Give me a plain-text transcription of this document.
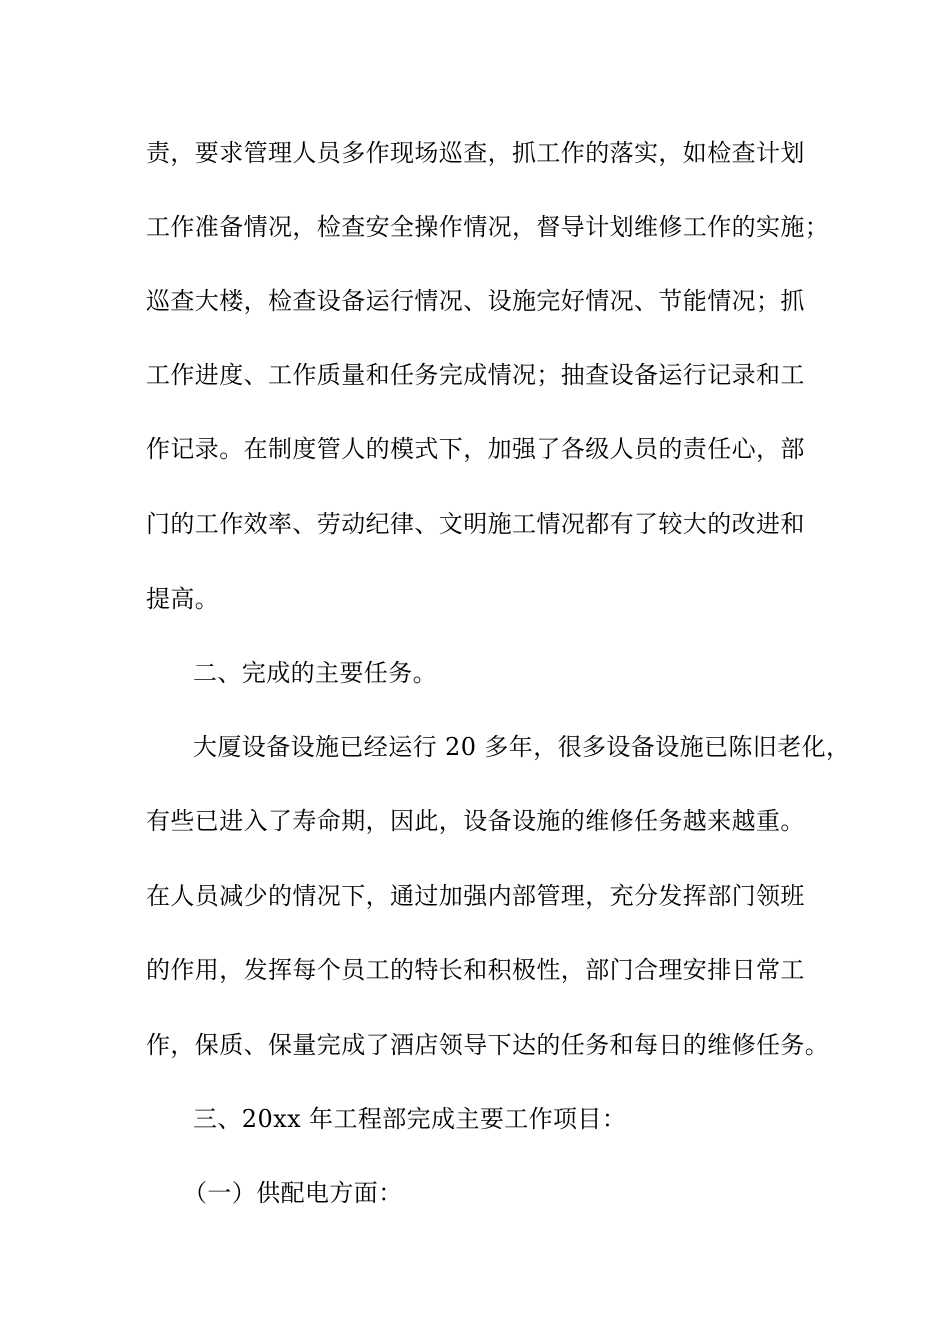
责，要求管理人员多作现场巡查，抓工作的落实，如检查计划
工作准备情况，检查安全操作情况，督导计划维修工作的实施；
巡查大楼，检查设备运行情况、设施完好情况、节能情况；抓
工作进度、工作质量和任务完成情况；抽查设备运行记录和工
作记录。在制度管人的模式下，加强了各级人员的责任心，部
门的工作效率、劳动纪律、文明施工情况都有了较大的改进和
提高。
二、完成的主要任务。
大厦设备设施已经运行 20 多年，很多设备设施已陈旧老化，
有些已进入了寿命期，因此，设备设施的维修任务越来越重。
在人员减少的情况下，通过加强内部管理，充分发挥部门领班
的作用，发挥每个员工的特长和积极性，部门合理安排日常工
作，保质、保量完成了酒店领导下达的任务和每日的维修任务。
三、20xx 年工程部完成主要工作项目：
（一）供配电方面：
